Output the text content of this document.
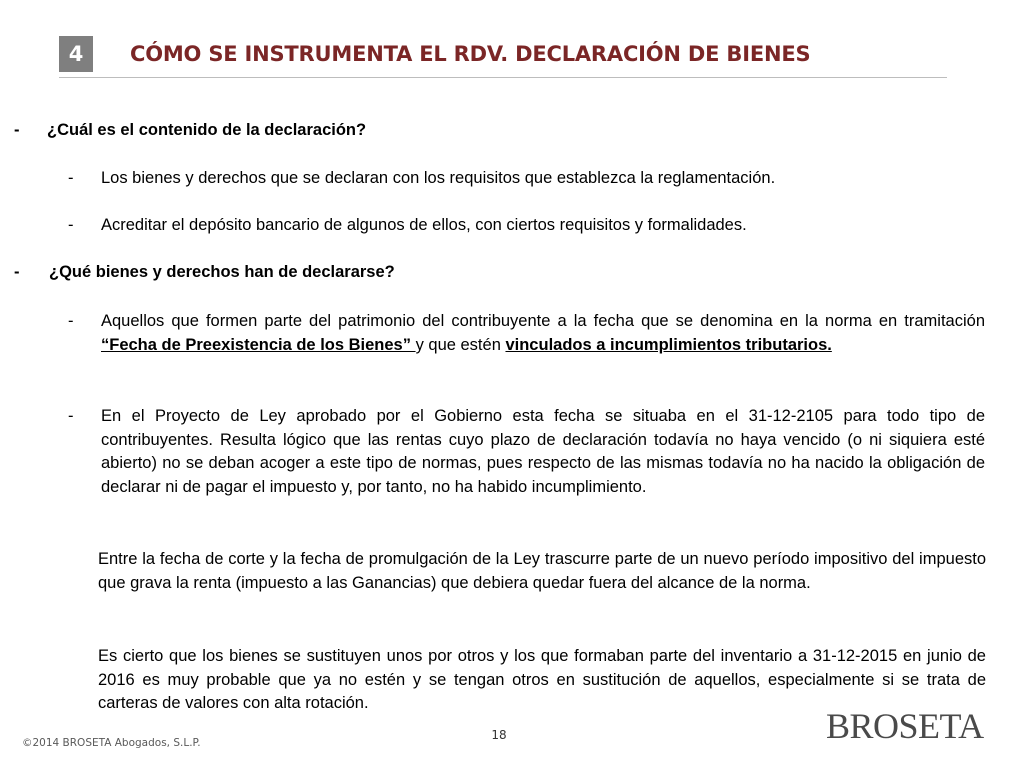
4	CÓMO SE INSTRUMENTA EL RDV. DECLARACIÓN DE BIENES
- ¿Cuál es el contenido de la declaración?
- Los bienes y derechos que se declaran con los requisitos que establezca la reglamentación.
- Acreditar el depósito bancario de algunos de ellos, con ciertos requisitos y formalidades.
- ¿Qué bienes y derechos han de declararse?
- Aquellos que formen parte del patrimonio del contribuyente a la fecha que se denomina en la norma en tramitación “Fecha de Preexistencia de los Bienes” y que estén vinculados a incumplimientos tributarios.
- En el Proyecto de Ley aprobado por el Gobierno esta fecha se situaba en el 31-12-2105 para todo tipo de contribuyentes. Resulta lógico que las rentas cuyo plazo de declaración todavía no haya vencido (o ni siquiera esté abierto) no se deban acoger a este tipo de normas, pues respecto de las mismas todavía no ha nacido la obligación de declarar ni de pagar el impuesto y, por tanto, no ha habido incumplimiento.

Entre la fecha de corte y la fecha de promulgación de la Ley trascurre parte de un nuevo período impositivo del impuesto que grava la renta (impuesto a las Ganancias) que debiera quedar fuera del alcance de la norma.

Es cierto que los bienes se sustituyen unos por otros y los que formaban parte del inventario a 31-12-2015 en junio de 2016 es muy probable que ya no estén y se tengan otros en sustitución de aquellos, especialmente si se trata de carteras de valores con alta rotación.

©2014 BROSETA Abogados, S.L.P.
18	BROSETA
